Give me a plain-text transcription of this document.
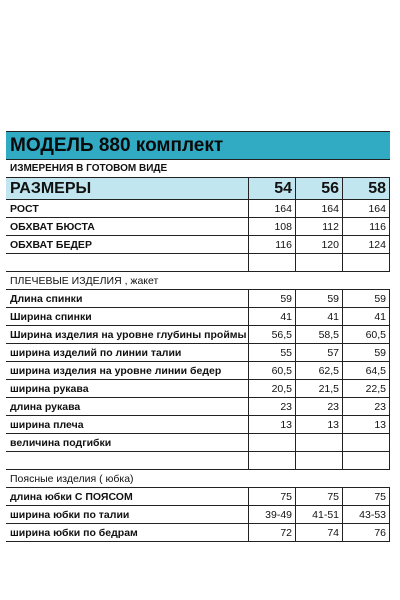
МОДЕЛЬ 880 комплект
ИЗМЕРЕНИЯ В ГОТОВОМ ВИДЕ
РАЗМЕРЫ	54	56	58
РОСТ	164	164	164
ОБХВАТ БЮСТА	108	112	116
ОБХВАТ БЕДЕР	116	120	124
ПЛЕЧЕВЫЕ ИЗДЕЛИЯ , жакет
Длина спинки	59	59	59
Ширина спинки	41	41	41
Ширина изделия на уровне глубины проймы	56,5	58,5	60,5
ширина изделий по линии талии	55	57	59
ширина изделия на уровне линии бедер	60,5	62,5	64,5
ширина рукава	20,5	21,5	22,5
длина рукава	23	23	23
ширина плеча	13	13	13
величина подгибки
Поясные изделия ( юбка)
длина юбки С ПОЯСОМ	75	75	75
ширина юбки по талии	39-49	41-51	43-53
ширина юбки по бедрам	72	74	76
